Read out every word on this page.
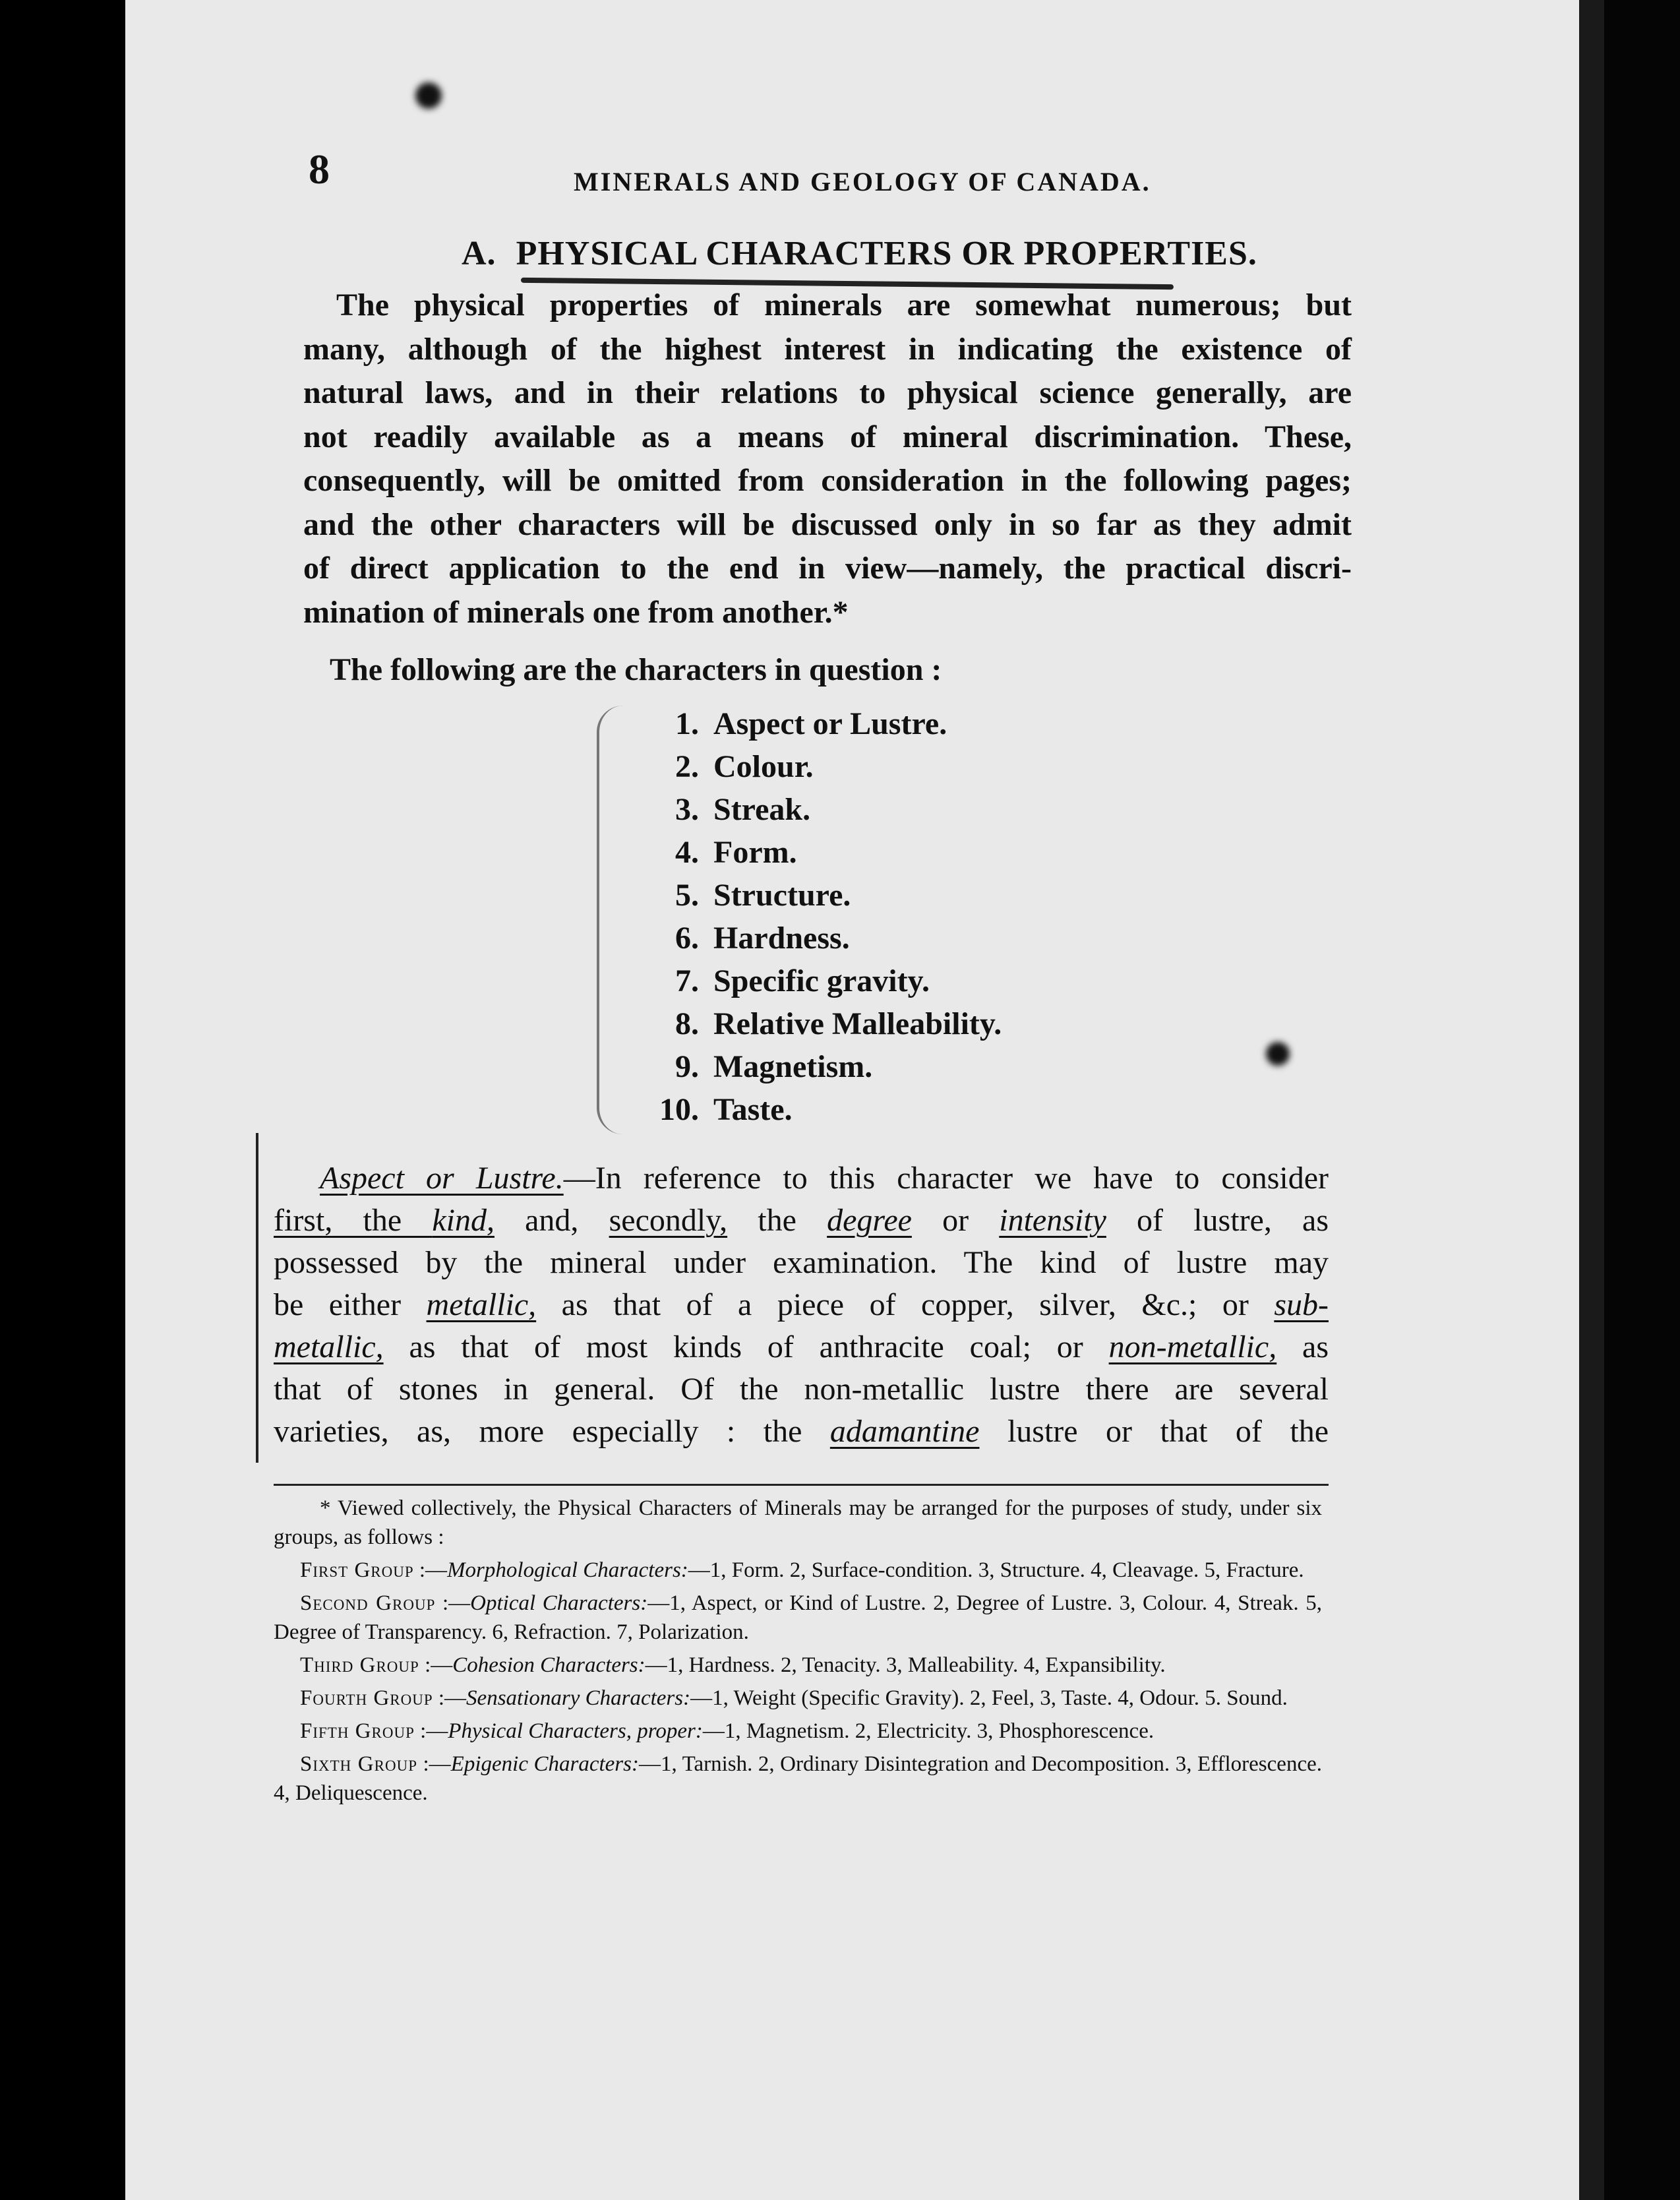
8	MINERALS AND GEOLOGY OF CANADA.
A. PHYSICAL CHARACTERS OR PROPERTIES.
The physical properties of minerals are somewhat numerous; but
many, although of the highest interest in indicating the existence of
natural laws, and in their relations to physical science generally, are
not readily available as a means of mineral discrimination. These,
consequently, will be omitted from consideration in the following pages;
and the other characters will be discussed only in so far as they admit
of direct application to the end in view—namely, the practical discri-
mination of minerals one from another.*
The following are the characters in question :
1. Aspect or Lustre.
2. Colour.
3. Streak.
4. Form.
5. Structure.
6. Hardness.
7. Specific gravity.
8. Relative Malleability.
9. Magnetism.
10. Taste.
Aspect or Lustre.—In reference to this character we have to consider
first, the kind, and, secondly, the degree or intensity of lustre, as
possessed by the mineral under examination. The kind of lustre may
be either metallic, as that of a piece of copper, silver, &c.; or sub-
metallic, as that of most kinds of anthracite coal; or non-metallic, as
that of stones in general. Of the non-metallic lustre there are several
varieties, as, more especially : the adamantine lustre or that of the

* Viewed collectively, the Physical Characters of Minerals may be arranged for the purposes of study, under six groups, as follows :

First Group :—Morphological Characters:—1, Form. 2, Surface-condition. 3, Structure. 4, Cleavage. 5, Fracture.

Second Group :—Optical Characters:—1, Aspect, or Kind of Lustre. 2, Degree of Lustre. 3, Colour. 4, Streak. 5, Degree of Transparency. 6, Refraction. 7, Polarization.

Third Group :—Cohesion Characters:—1, Hardness. 2, Tenacity. 3, Malleability. 4, Expansibility.

Fourth Group :—Sensationary Characters:—1, Weight (Specific Gravity). 2, Feel, 3, Taste. 4, Odour. 5. Sound.

Fifth Group :—Physical Characters, proper:—1, Magnetism. 2, Electricity. 3, Phosphorescence.

Sixth Group :—Epigenic Characters:—1, Tarnish. 2, Ordinary Disintegration and Decomposition. 3, Efflorescence. 4, Deliquescence.
